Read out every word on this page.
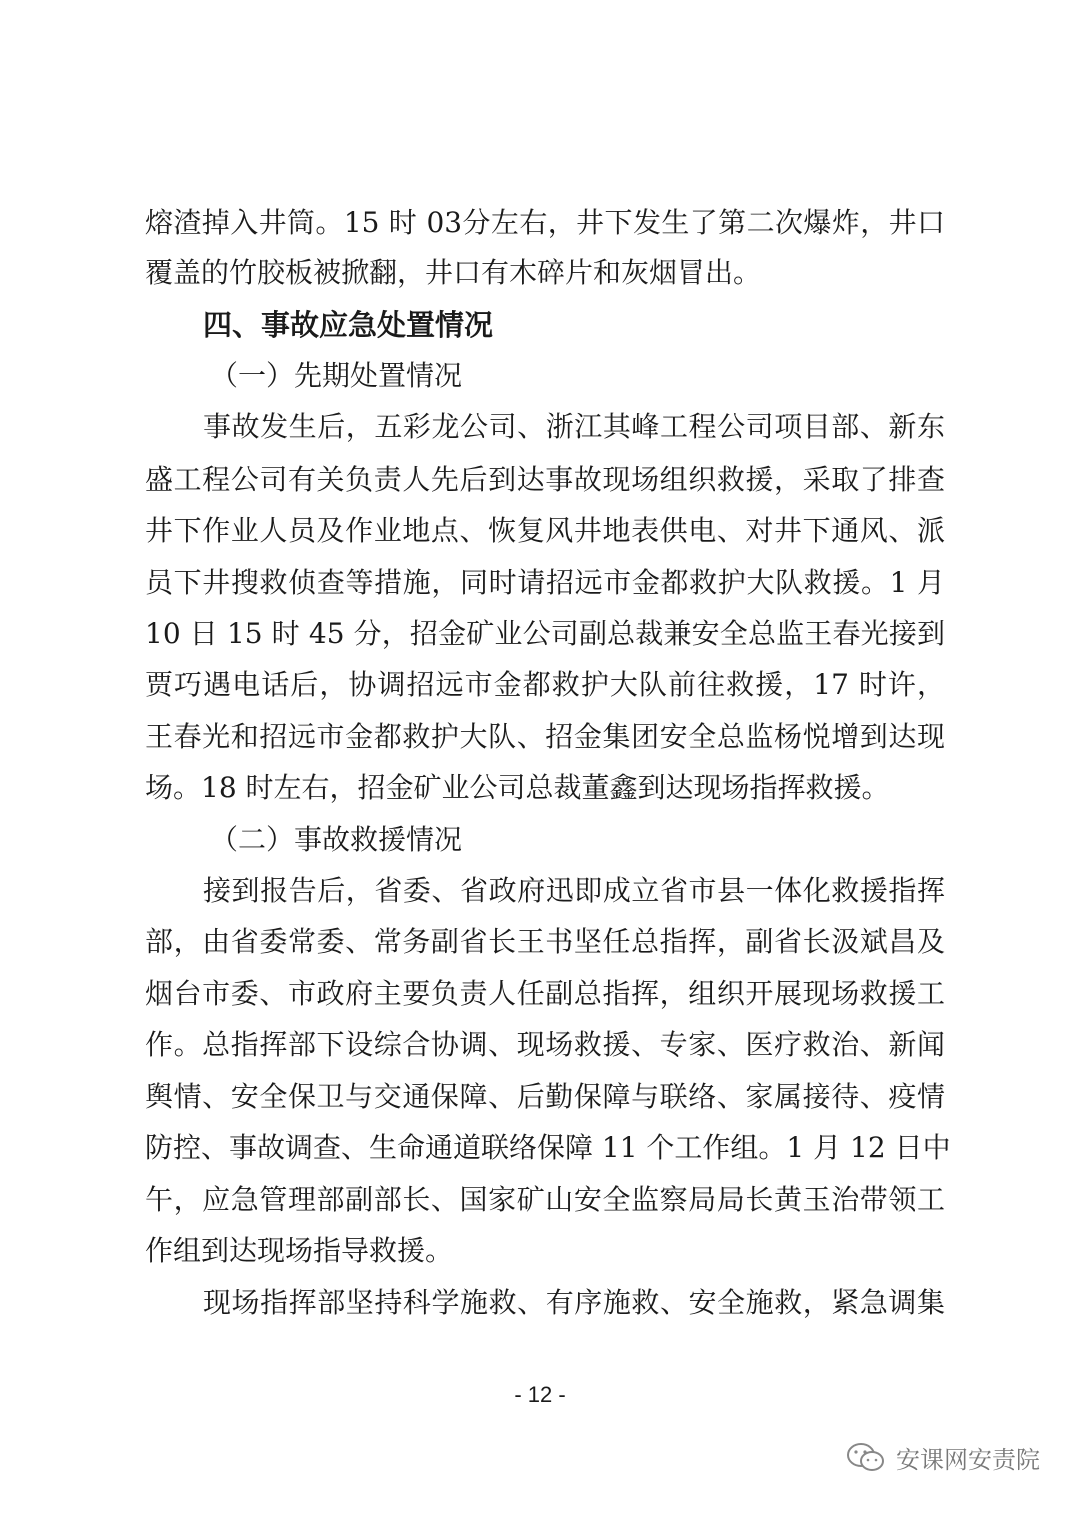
熔渣掉入井筒。15 时 03分左右，井下发生了第二次爆炸，井口
覆盖的竹胶板被掀翻，井口有木碎片和灰烟冒出。
四、事故应急处置情况
（一）先期处置情况
事故发生后，五彩龙公司、浙江其峰工程公司项目部、新东
盛工程公司有关负责人先后到达事故现场组织救援，采取了排查
井下作业人员及作业地点、恢复风井地表供电、对井下通风、派
员下井搜救侦查等措施，同时请招远市金都救护大队救援。1 月
10 日 15 时 45 分，招金矿业公司副总裁兼安全总监王春光接到
贾巧遇电话后，协调招远市金都救护大队前往救援，17 时许，
王春光和招远市金都救护大队、招金集团安全总监杨悦增到达现
场。18 时左右，招金矿业公司总裁董鑫到达现场指挥救援。
（二）事故救援情况
接到报告后，省委、省政府迅即成立省市县一体化救援指挥
部，由省委常委、常务副省长王书坚任总指挥，副省长汲斌昌及
烟台市委、市政府主要负责人任副总指挥，组织开展现场救援工
作。总指挥部下设综合协调、现场救援、专家、医疗救治、新闻
舆情、安全保卫与交通保障、后勤保障与联络、家属接待、疫情
防控、事故调查、生命通道联络保障 11 个工作组。1 月 12 日中
午，应急管理部副部长、国家矿山安全监察局局长黄玉治带领工
作组到达现场指导救援。
现场指挥部坚持科学施救、有序施救、安全施救，紧急调集
- 12 -
安课网安责院
